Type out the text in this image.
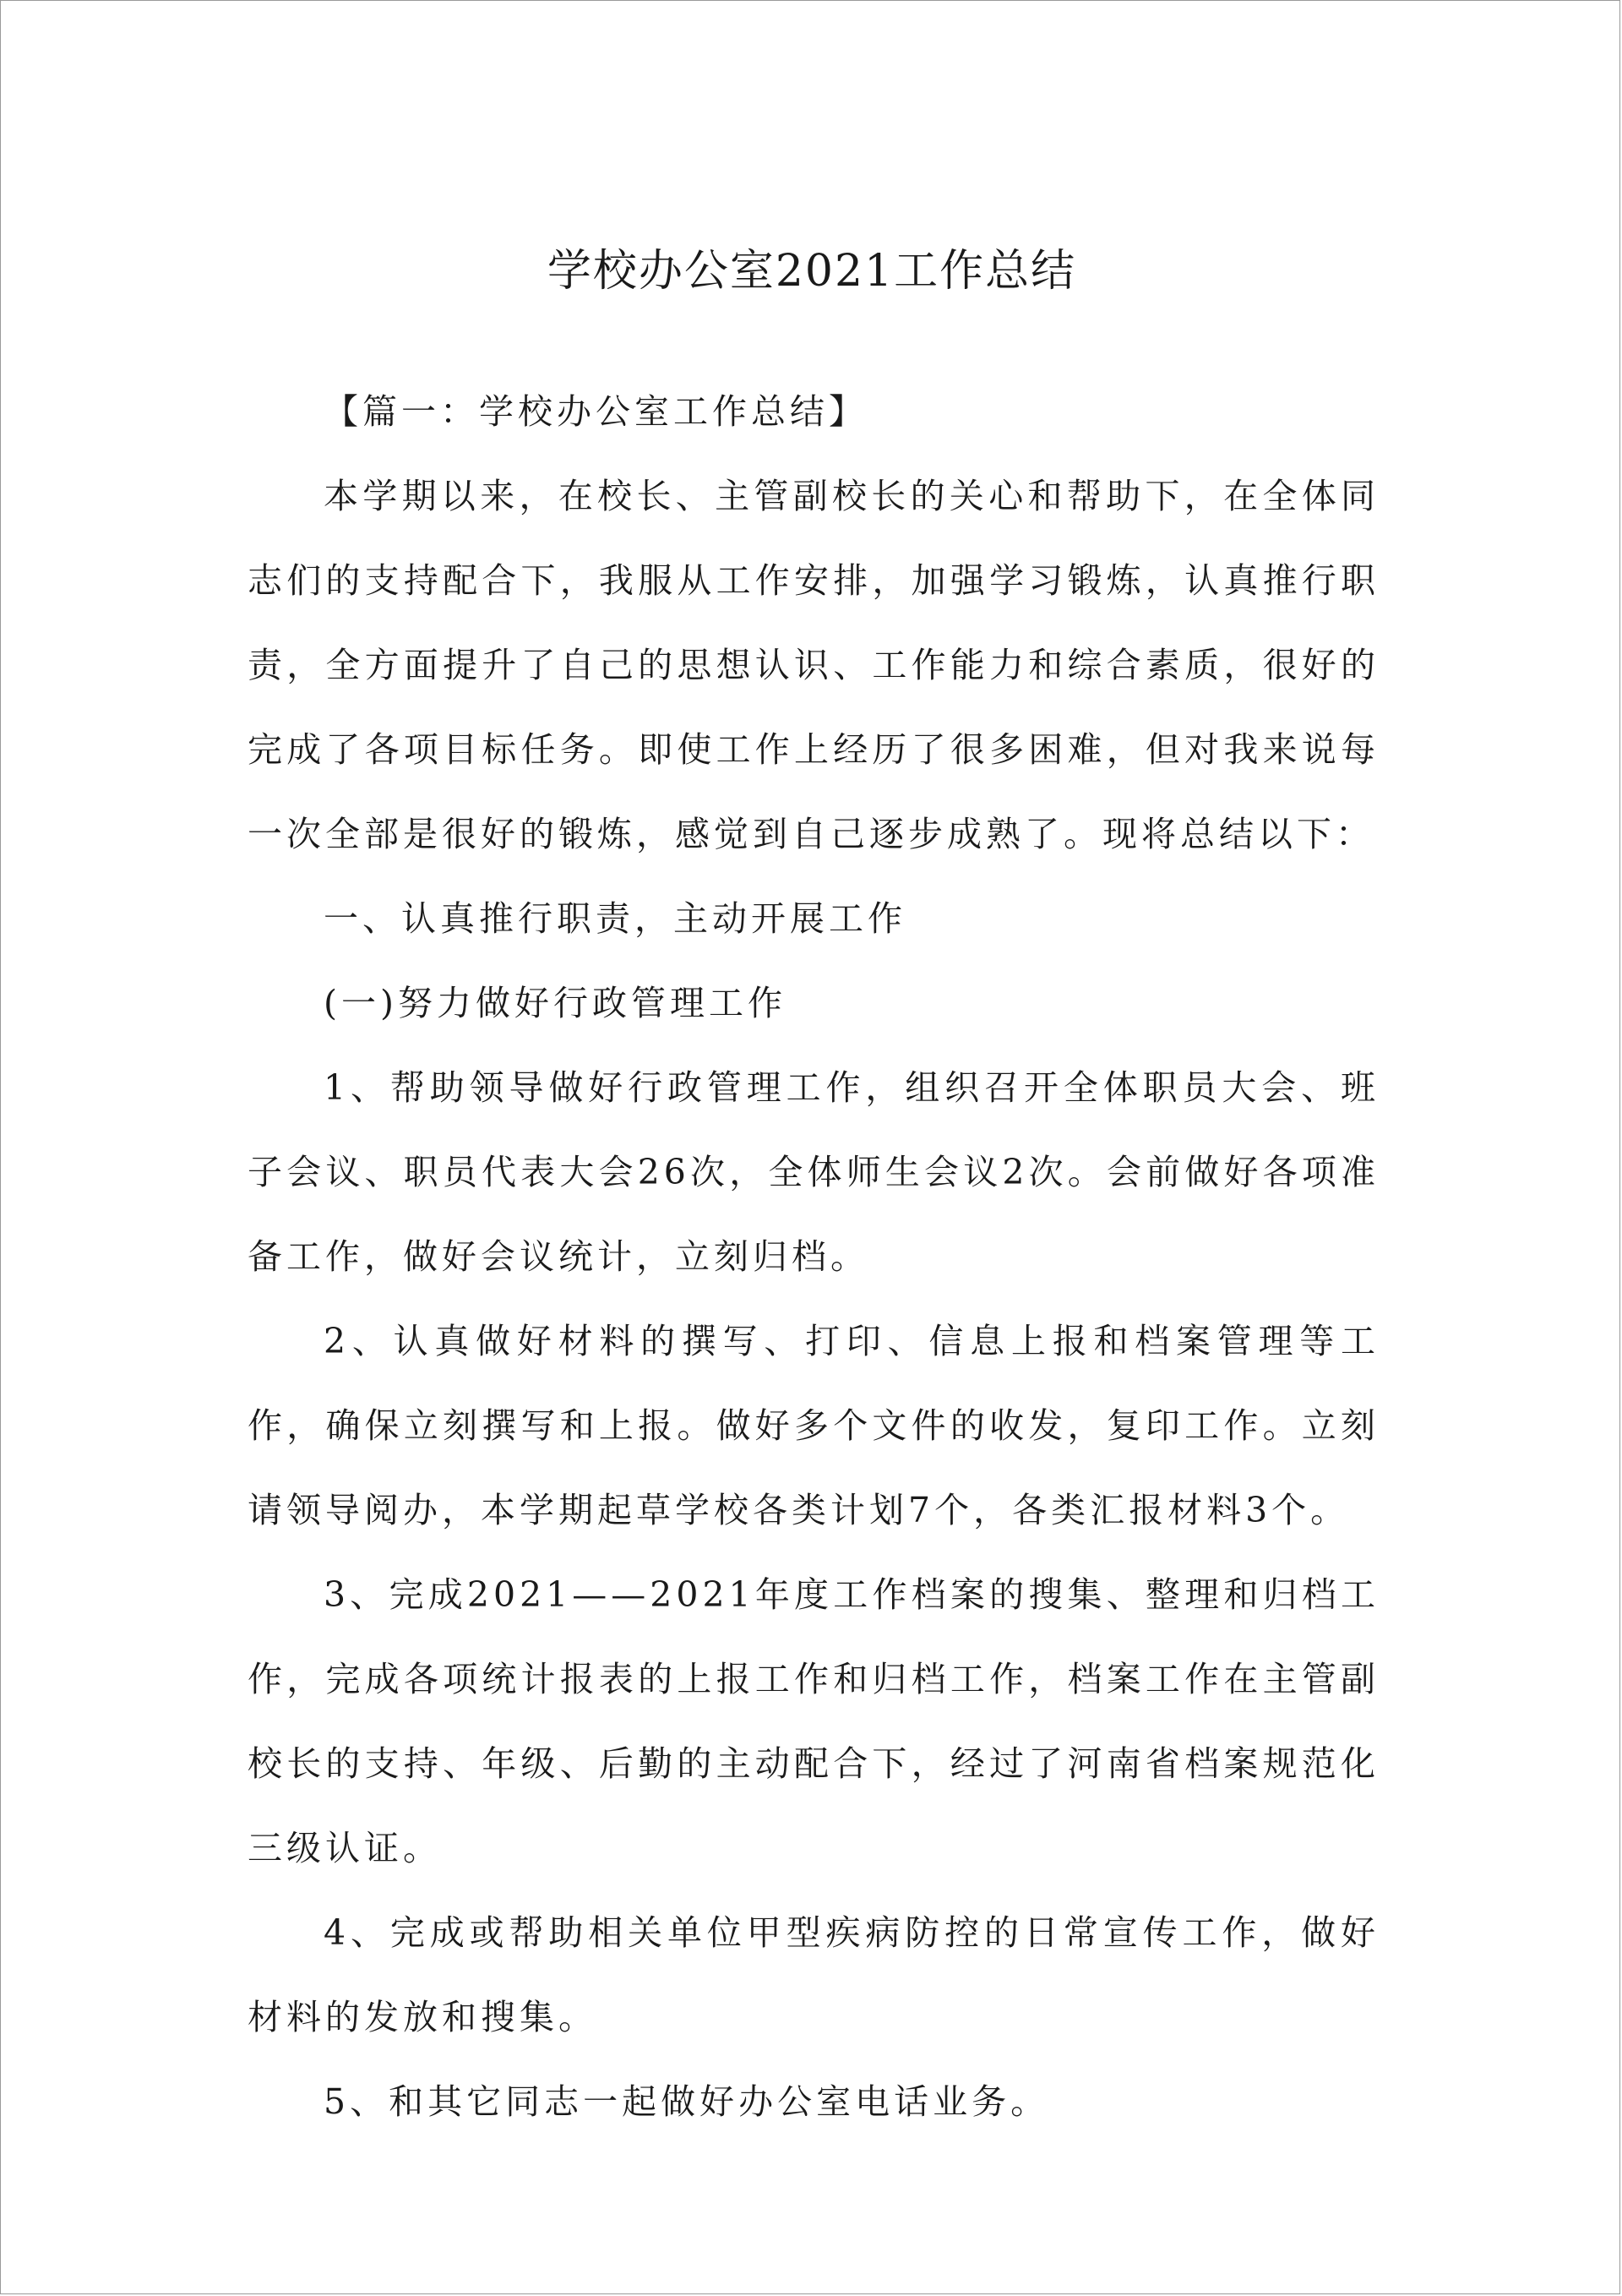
学校办公室2021工作总结

【篇一：学校办公室工作总结】

本学期以来，在校长、主管副校长的关心和帮助下，在全体同志们的支持配合下，我服从工作安排，加强学习锻炼，认真推行职责，全方面提升了自己的思想认识、工作能力和综合素质，很好的完成了各项目标任务。即使工作上经历了很多困难，但对我来说每一次全部是很好的锻炼，感觉到自己逐步成熟了。现将总结以下：

一、认真推行职责，主动开展工作

(一)努力做好行政管理工作

1、帮助领导做好行政管理工作，组织召开全体职员大会、班子会议、职员代表大会26次，全体师生会议2次。会前做好各项准备工作，做好会议统计，立刻归档。

2、认真做好材料的撰写、打印、信息上报和档案管理等工作，确保立刻撰写和上报。做好多个文件的收发，复印工作。立刻请领导阅办，本学期起草学校各类计划7个，各类汇报材料3个。

3、完成2021——2021年度工作档案的搜集、整理和归档工作，完成各项统计报表的上报工作和归档工作，档案工作在主管副校长的支持、年级、后勤的主动配合下，经过了河南省档案规范化三级认证。

4、完成或帮助相关单位甲型疾病防控的日常宣传工作，做好材料的发放和搜集。

5、和其它同志一起做好办公室电话业务。
